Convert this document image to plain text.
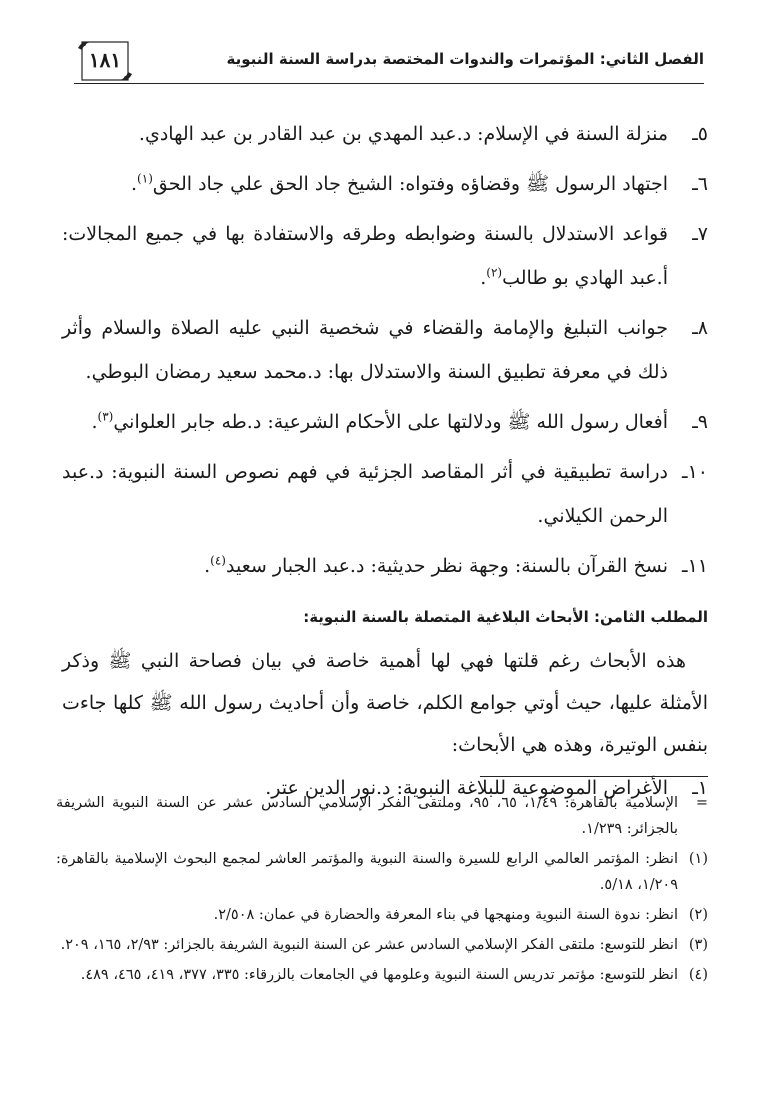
الفصل الثاني: المؤتمرات والندوات المختصة بدراسة السنة النبوية
١٨١
٥ـ
منزلة السنة في الإسلام: د.عبد المهدي بن عبد القادر بن عبد الهادي.
٦ـ
اجتهاد الرسول ﷺ وقضاؤه وفتواه: الشيخ جاد الحق علي جاد الحق$^{(١)}$.
٧ـ
قواعد الاستدلال بالسنة وضوابطه وطرقه والاستفادة بها في جميع المجالات: أ.عبد الهادي بو طالب$^{(٢)}$.
٨ـ
جوانب التبليغ والإمامة والقضاء في شخصية النبي عليه الصلاة والسلام وأثر ذلك في معرفة تطبيق السنة والاستدلال بها: د.محمد سعيد رمضان البوطي.
٩ـ
أفعال رسول الله ﷺ ودلالتها على الأحكام الشرعية: د.طه جابر العلواني$^{(٣)}$.
١٠ـ
دراسة تطبيقية في أثر المقاصد الجزئية في فهم نصوص السنة النبوية: د.عبد الرحمن الكيلاني.
١١ـ
نسخ القرآن بالسنة: وجهة نظر حديثية: د.عبد الجبار سعيد$^{(٤)}$.
المطلب الثامن: الأبحاث البلاغية المتصلة بالسنة النبوية:
هذه الأبحاث رغم قلتها فهي لها أهمية خاصة في بيان فصاحة النبي ﷺ وذكر الأمثلة عليها، حيث أوتي جوامع الكلم، خاصة وأن أحاديث رسول الله ﷺ كلها جاءت بنفس الوتيرة، وهذه هي الأبحاث:
١ـ
الأغراض الموضوعية للبلاغة النبوية: د.نور الدين عتر.
=
الإسلامية بالقاهرة: ١/٤٩، ٦٥، ٩٥، وملتقى الفكر الإسلامي السادس عشر عن السنة النبوية الشريفة بالجزائر: ١/٢٣٩.
(١)
انظر: المؤتمر العالمي الرابع للسيرة والسنة النبوية والمؤتمر العاشر لمجمع البحوث الإسلامية بالقاهرة: ١/٢٠٩، ٥/١٨.
(٢)
انظر: ندوة السنة النبوية ومنهجها في بناء المعرفة والحضارة في عمان: ٢/٥٠٨.
(٣)
انظر للتوسع: ملتقى الفكر الإسلامي السادس عشر عن السنة النبوية الشريفة بالجزائر: ٢/٩٣، ١٦٥، ٢٠٩.
(٤)
انظر للتوسع: مؤتمر تدريس السنة النبوية وعلومها في الجامعات بالزرقاء: ٣٣٥، ٣٧٧، ٤١٩، ٤٦٥، ٤٨٩.
